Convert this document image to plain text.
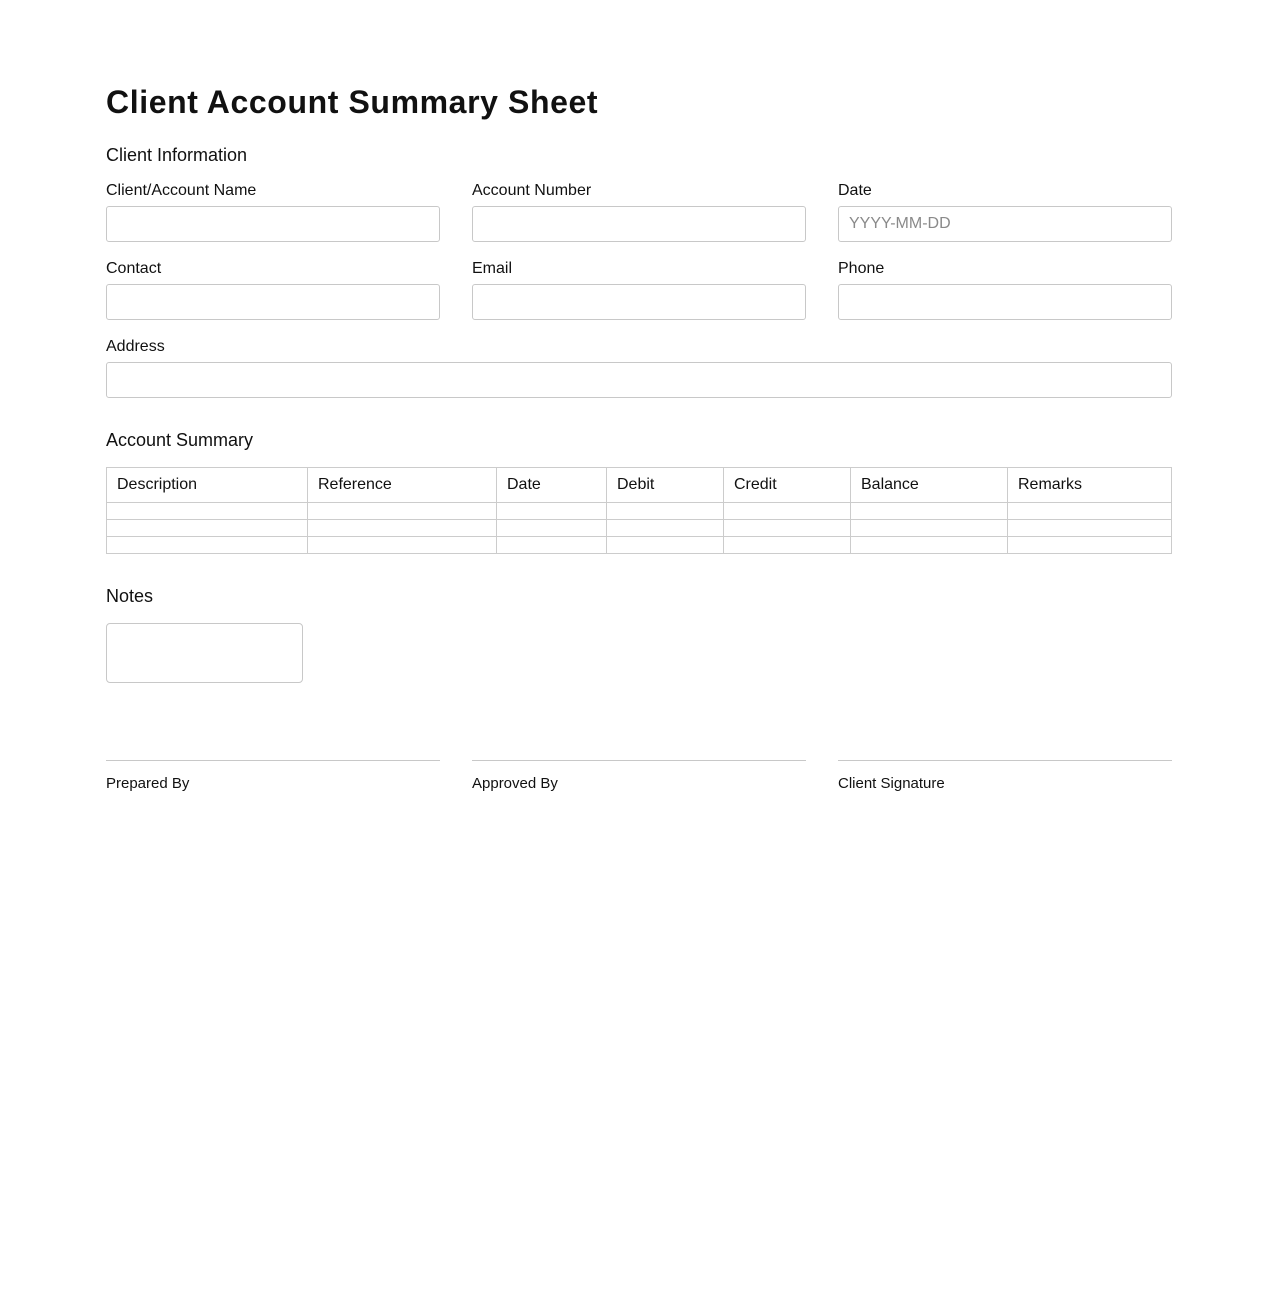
Client Account Summary Sheet
Client Information
Client/Account Name	Account Number	Date
YYYY-MM-DD
Contact	Email	Phone
Address
Account Summary
Description	Reference	Date	Debit	Credit	Balance	Remarks

Notes
Prepared By	Approved By	Client Signature
